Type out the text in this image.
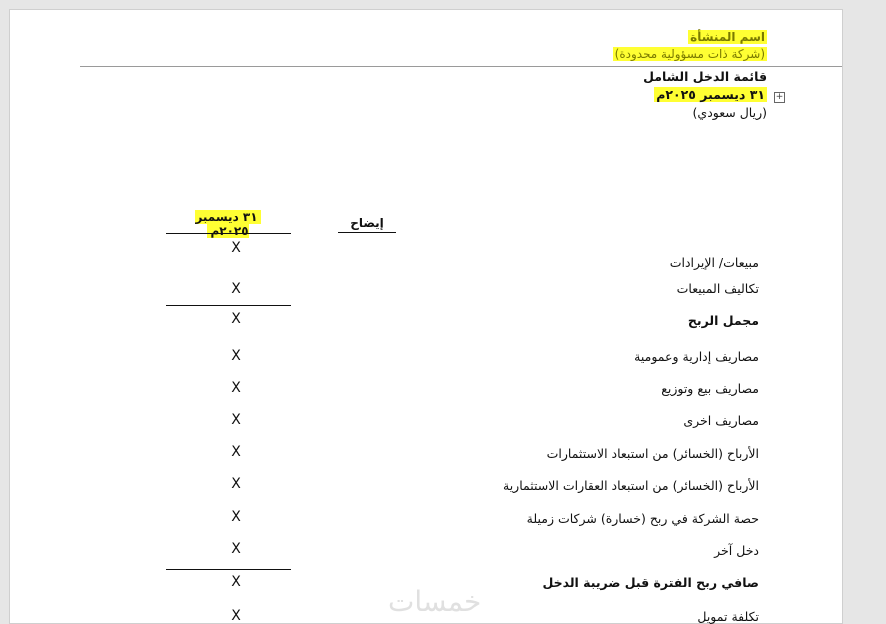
اسم المنشأة
(شركة ذات مسؤولية محدودة)
قائمة الدخل الشامل
٣١ ديسمبر ٢٠٢٥م +
(ريال سعودي)
إيضاح
٣١ ديسمبر ٢٠٢٥م
X
مبيعات/ الإيرادات
تكاليف المبيعات
X
مجمل الربح
X
مصاريف إدارية وعمومية
X
مصاريف بيع وتوزيع
X
مصاريف اخرى
X
الأرباح (الخسائر) من استبعاد الاستثمارات
X
الأرباح (الخسائر) من استبعاد العقارات الاستثمارية
X
حصة الشركة في ربح (خسارة) شركات زميلة
X
دخل آخر
X
صافي ربح الفترة قبل ضريبة الدخل
X
تكلفة تمويل
X	خمسات
